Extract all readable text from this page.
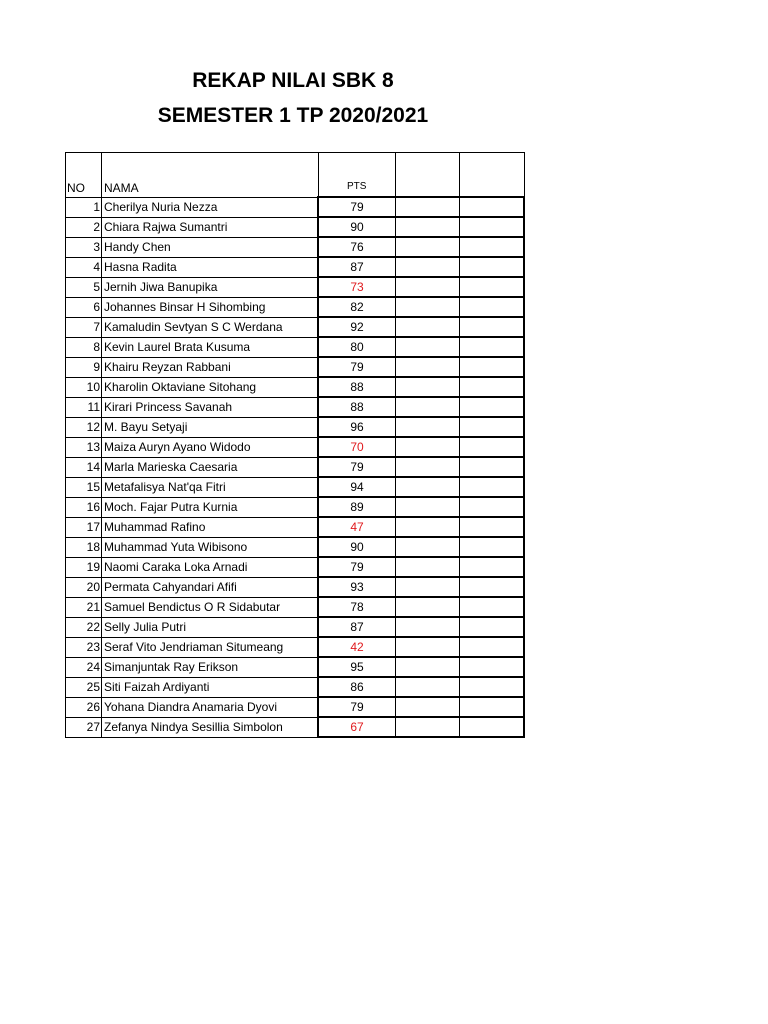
REKAP NILAI SBK 8
SEMESTER 1 TP 2020/2021
NO	NAMA	PTS		
1	Cherilya Nuria Nezza	79		
2	Chiara Rajwa Sumantri	90		
3	Handy Chen	76		
4	Hasna Radita	87		
5	Jernih Jiwa Banupika	73		
6	Johannes Binsar H Sihombing	82		
7	Kamaludin Sevtyan S C Werdana	92		
8	Kevin Laurel Brata Kusuma	80		
9	Khairu Reyzan Rabbani	79		
10	Kharolin Oktaviane Sitohang	88		
11	Kirari Princess Savanah	88		
12	M. Bayu Setyaji	96		
13	Maiza Auryn Ayano Widodo	70		
14	Marla Marieska Caesaria	79		
15	Metafalisya Nat'qa Fitri	94		
16	Moch. Fajar Putra Kurnia	89		
17	Muhammad Rafino	47		
18	Muhammad Yuta Wibisono	90		
19	Naomi Caraka Loka Arnadi	79		
20	Permata Cahyandari Afifi	93		
21	Samuel Bendictus O R Sidabutar	78		
22	Selly Julia Putri	87		
23	Seraf Vito Jendriaman Situmeang	42		
24	Simanjuntak Ray Erikson	95		
25	Siti Faizah Ardiyanti	86		
26	Yohana Diandra Anamaria Dyovi	79		
27	Zefanya Nindya Sesillia Simbolon	67		
